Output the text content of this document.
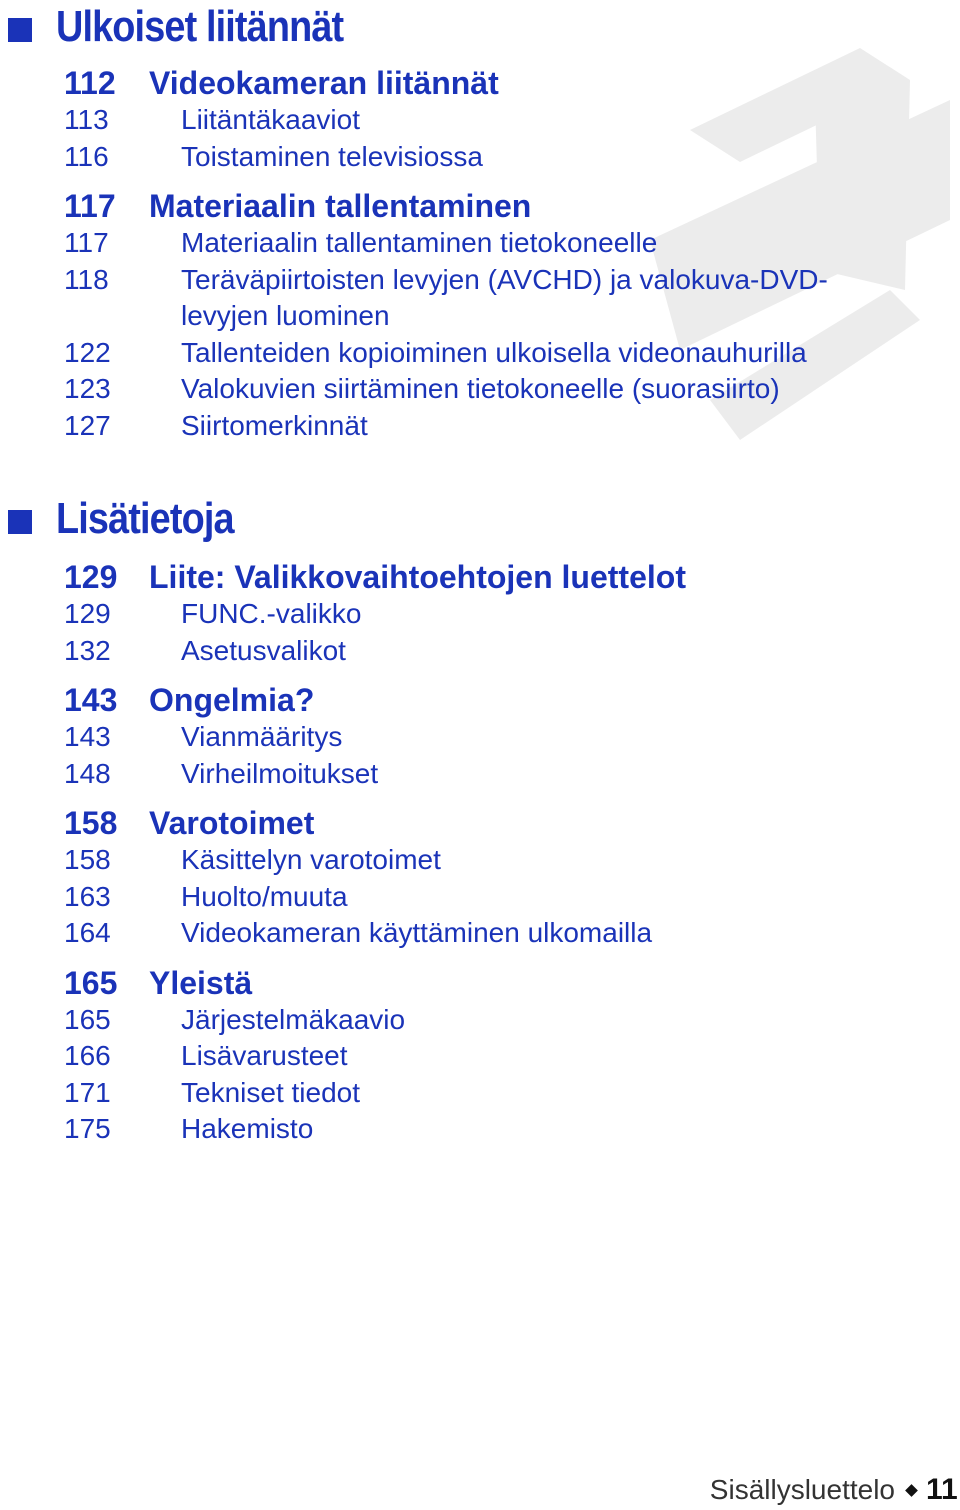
Ulkoiset liitännät
112	Videokameran liitännät
113	Liitäntäkaaviot
116	Toistaminen televisiossa
117	Materiaalin tallentaminen
117	Materiaalin tallentaminen tietokoneelle
118	Teräväpiirtoisten levyjen (AVCHD) ja valokuva-DVD-levyjen luominen
122	Tallenteiden kopioiminen ulkoisella videonauhurilla
123	Valokuvien siirtäminen tietokoneelle (suorasiirto)
127	Siirtomerkinnät
Lisätietoja
129 Liite: Valikkovaihtoehtojen luettelot
129	FUNC.-valikko
132	Asetusvalikot
143 Ongelmia?
143	Vianmääritys
148	Virheilmoitukset
158 Varotoimet
158	Käsittelyn varotoimet
163	Huolto/muuta
164	Videokameran käyttäminen ulkomailla
165 Yleistä
165	Järjestelmäkaavio
166	Lisävarusteet
171	Tekniset tiedot
175	Hakemisto
Sisällysluettelo 11
